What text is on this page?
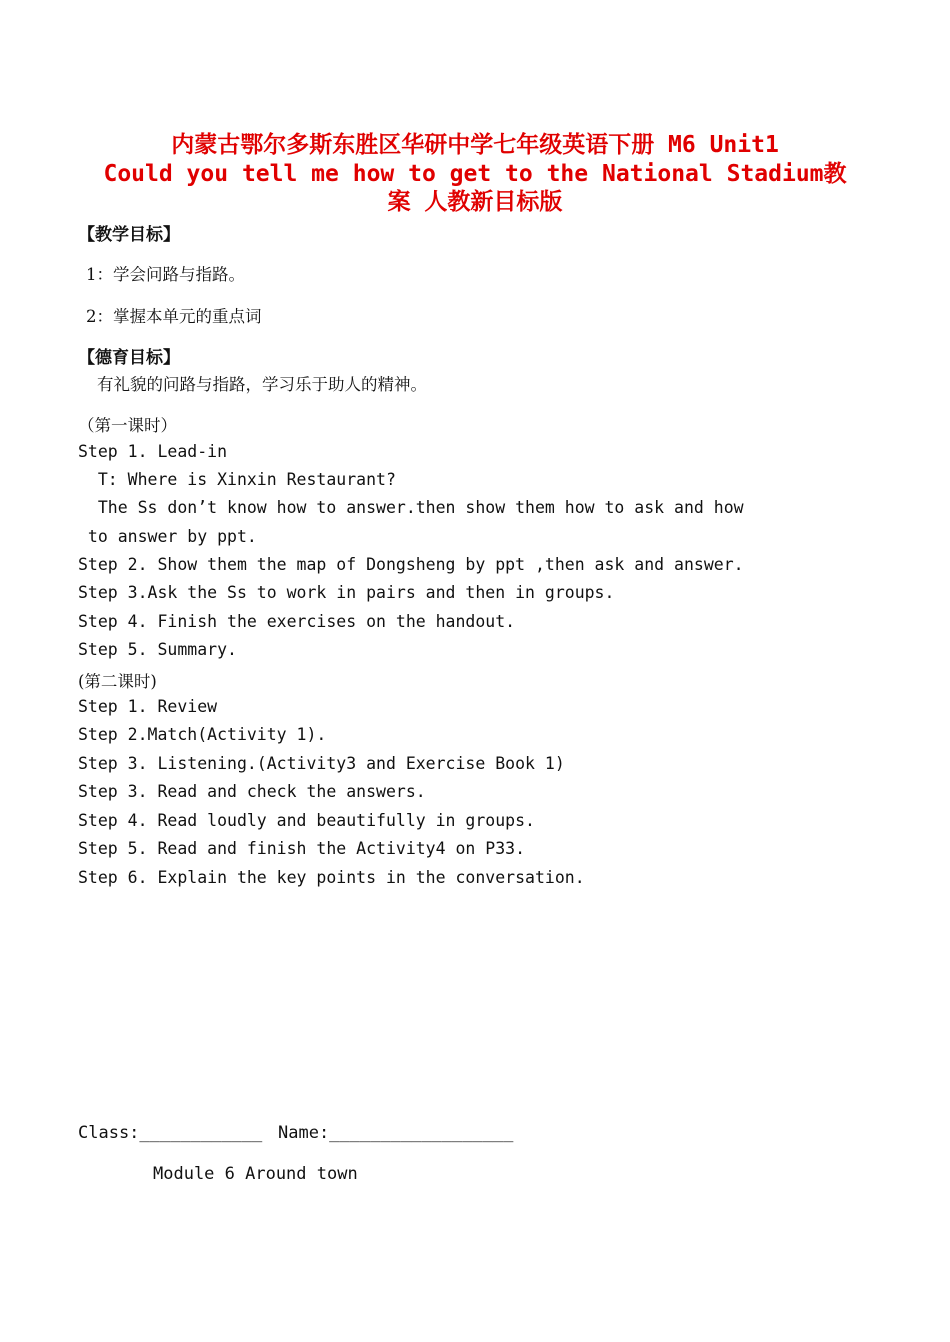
内蒙古鄂尔多斯东胜区华研中学七年级英语下册 M6 Unit1
Could you tell me how to get to the National Stadium教
案 人教新目标版
【教学目标】
1：学会问路与指路。
2：掌握本单元的重点词
【德育目标】
有礼貌的问路与指路，学习乐于助人的精神。
（第一课时）
Step 1. Lead-in
T: Where is Xinxin Restaurant?
The Ss don’t know how to answer.then show them how to ask and how
to answer by ppt.
Step 2. Show them the map of Dongsheng by ppt ,then ask and answer.
Step 3.Ask the Ss to work in pairs and then in groups.
Step 4. Finish the exercises on the handout.
Step 5. Summary.
(第二课时)
Step 1. Review
Step 2.Match(Activity 1).
Step 3. Listening.(Activity3 and Exercise Book 1)
Step 3. Read and check the answers.
Step 4. Read loudly and beautifully in groups.
Step 5. Read and finish the Activity4 on P33.
Step 6. Explain the key points in the conversation.
Class:____________ Name:__________________
Module 6 Around town
